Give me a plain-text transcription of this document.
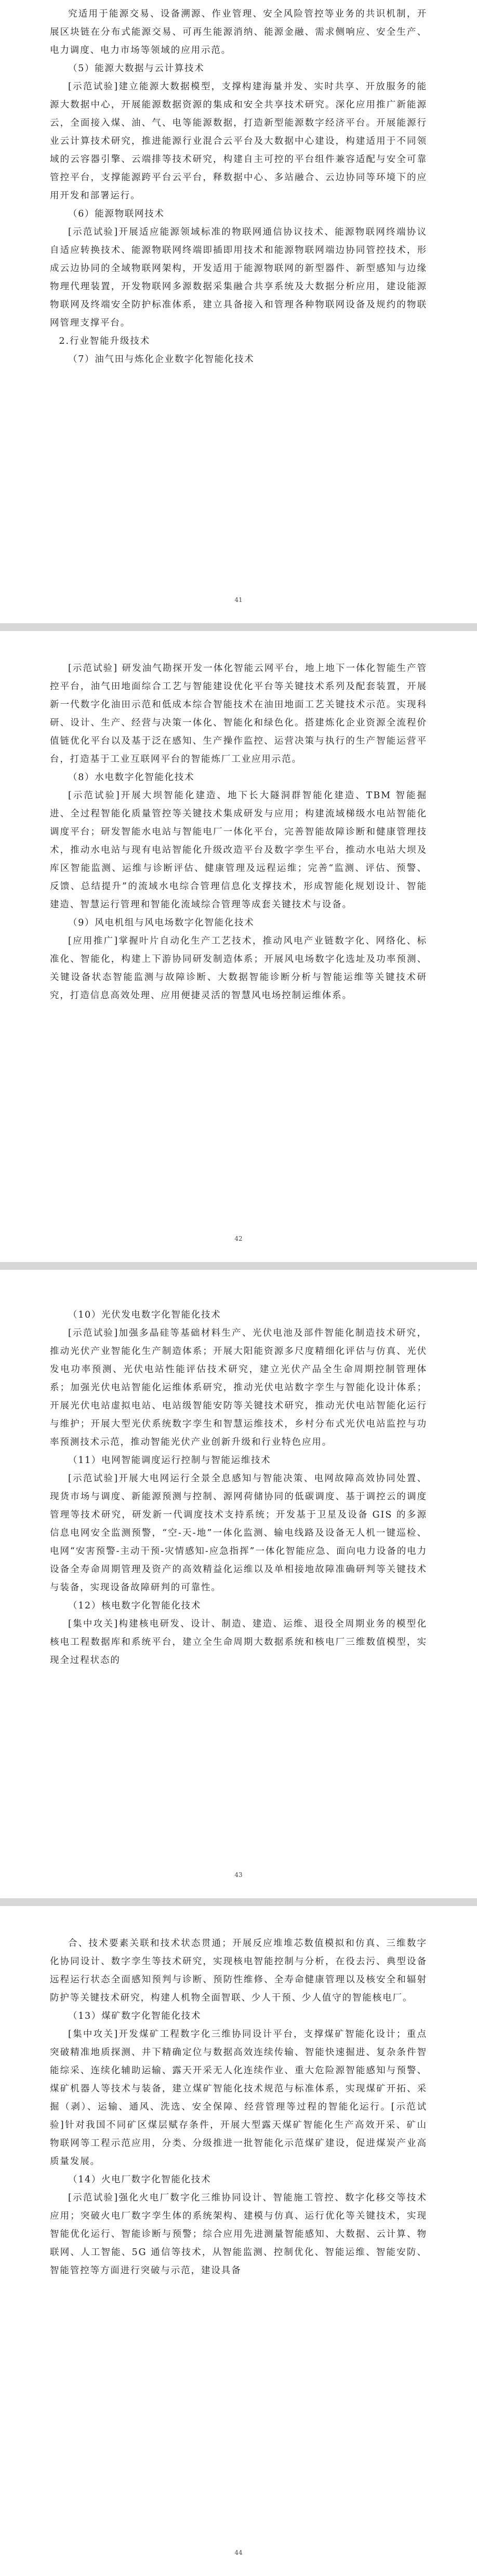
究适用于能源交易、设备溯源、作业管理、安全风险管控等业务的共识机制，开展区块链在分布式能源交易、可再生能源消纳、能源金融、需求侧响应、安全生产、电力调度、电力市场等领域的应用示范。

（5）能源大数据与云计算技术

[示范试验]建立能源大数据模型，支撑构建海量并发、实时共享、开放服务的能源大数据中心，开展能源数据资源的集成和安全共享技术研究。深化应用推广新能源云，全面接入煤、油、气、电等能源数据，打造新型能源数字经济平台。开展能源行业云计算技术研究，推进能源行业混合云平台及大数据中心建设，构建适用于不同领域的云容器引擎、云端排等技术研究，构建自主可控的平台组件兼容适配与安全可靠管控平台，支撑能源跨平台云平台，释数据中心、多站融合、云边协同等环境下的应用开发和部署运行。

（6）能源物联网技术

[示范试验]开展适应能源领域标准的物联网通信协议技术、能源物联网终端协议自适应转换技术、能源物联网终端即插即用技术和能源物联网端边协同管控技术，形成云边协同的全域物联网架构，开发适用于能源物联网的新型器件、新型感知与边缘物理代理装置，开发物联网多源数据采集融合共享系统及大数据分析应用，建设能源物联网及终端安全防护标准体系，建立具备接入和管理各种物联网设备及规约的物联网管理支撑平台。

2.行业智能升级技术

（7）油气田与炼化企业数字化智能化技术

41

[示范试验] 研发油气勘探开发一体化智能云网平台，地上地下一体化智能生产管控平台，油气田地面综合工艺与智能建设优化平台等关键技术系列及配套装置，开展新一代数字化油田示范和低成本综合智能技术在油田地面工艺关键技术示范。实现科研、设计、生产、经营与决策一体化、智能化和绿色化。搭建炼化企业资源全流程价值链优化平台以及基于泛在感知、生产操作监控、运营决策与执行的生产智能运营平台，打造基于工业互联网平台的智能炼厂工业应用示范。

（8）水电数字化智能化技术

[示范试验]开展大坝智能化建造、地下长大隧洞群智能化建造、TBM 智能掘进、全过程智能化质量管控等关键技术集成研发与应用；构建流域梯级水电站智能化调度平台；研发智能水电站与智能电厂一体化平台，完善智能故障诊断和健康管理技术，推动水电站与现有电站智能化升级改造平台及数字孪生平台，推动水电站大坝及库区智能监测、运维与诊断评估、健康管理及远程运维；完善“监测、评估、预警、反馈、总结提升”的流域水电综合管理信息化支撑技术，形成智能化规划设计、智能建造、智慧运行管理和智能化流域综合管理等成套关键技术与设备。

（9）风电机组与风电场数字化智能化技术

[应用推广]掌握叶片自动化生产工艺技术，推动风电产业链数字化、网络化、标准化、智能化，构建上下游协同研发制造体系；开展风电场数字化选址及功率预测、关键设备状态智能监测与故障诊断、大数据智能诊断分析与智能运维等关键技术研究，打造信息高效处理、应用便捷灵活的智慧风电场控制运维体系。

42

（10）光伏发电数字化智能化技术

[示范试验]加强多晶硅等基础材料生产、光伏电池及部件智能化制造技术研究，推动光伏产业智能化生产制造体系；开展大阳能资源多尺度精细化评估与仿真、光伏发电功率预测、光伏电站性能评估技术研究，建立光伏产品全生命周期控制管理体系；加强光伏电站智能化运维体系研究，推动光伏电站数字孪生与智能化设计体系；开展光伏电站虚拟电站、电站级智能安防等关键技术研究，推动光伏电站智能化运行与维护；开展大型光伏系统数字孪生和智慧运维技术，乡村分布式光伏电站监控与功率预测技术示范，推动智能光伏产业创新升级和行业特色应用。

（11）电网智能调度运行控制与智能运维技术

[示范试验]开展大电网运行全景全息感知与智能决策、电网故障高效协同处置、现货市场与调度、新能源预测与控制、源网荷储协同的低碳调度、基于调控云的调度管理等技术研究，研发新一代调度技术支持系统；开发基于卫星及设备 GIS 的多源信息电网安全监测预警，“空-天-地”一体化监测、输电线路及设备无人机一键巡检、电网“安害预警-主动干预-灾情感知-应急指挥”一体化智能应急、面向电力设备的电力设备全寿命周期管理及资产的高效精益化运维以及单相接地故障准确研判等关键技术与装备，实现设备故障研判的可靠性。

（12）核电数字化智能化技术

[集中攻关]构建核电研发、设计、制造、建造、运维、退役全周期业务的模型化核电工程数据库和系统平台，建立全生命周期大数据系统和核电厂三维数值模型，实现全过程状态的

43

合、技术要素关联和技术状态贯通；开展反应堆堆芯数值模拟和仿真、三维数字化协同设计、数字孪生等技术研究，实现核电智能控制与分析，在役去污、典型设备远程运行状态全面感知预判与诊断、预防性维修、全寿命健康管理以及核安全和辐射防护等关键技术研究，构建人机物全面智联、少人干预、少人值守的智能核电厂。

（13）煤矿数字化智能化技术

[集中攻关]开发煤矿工程数字化三维协同设计平台，支撑煤矿智能化设计；重点突破精准地质探测、井下精确定位与数据高效连续传输、智能快速掘进、复杂条件智能综采、连续化辅助运输、露天开采无人化连续作业、重大危险源智能感知与预警、煤矿机器人等技术与装备，建立煤矿智能化技术规范与标准体系，实现煤矿开拓、采掘（剥）、运输、通风、洗选、安全保障、经营管理等过程的智能化运行。[示范试验]针对我国不同矿区煤层赋存条件，开展大型露天煤矿智能化生产高效开采、矿山物联网等工程示范应用，分类、分级推进一批智能化示范煤矿建设，促进煤炭产业高质量发展。

（14）火电厂数字化智能化技术

[示范试验]强化火电厂数字化三维协同设计、智能施工管控、数字化移交等技术应用；突破火电厂数字孪生体的系统架构、建模与仿真、运行优化等关键技术，实现智能优化运行、智能诊断与预警；综合应用先进测量智能感知、大数据、云计算、物联网、人工智能、5G 通信等技术，从智能监测、控制优化、智能运维、智能安防、智能管控等方面进行突破与示范，建设具备

44
